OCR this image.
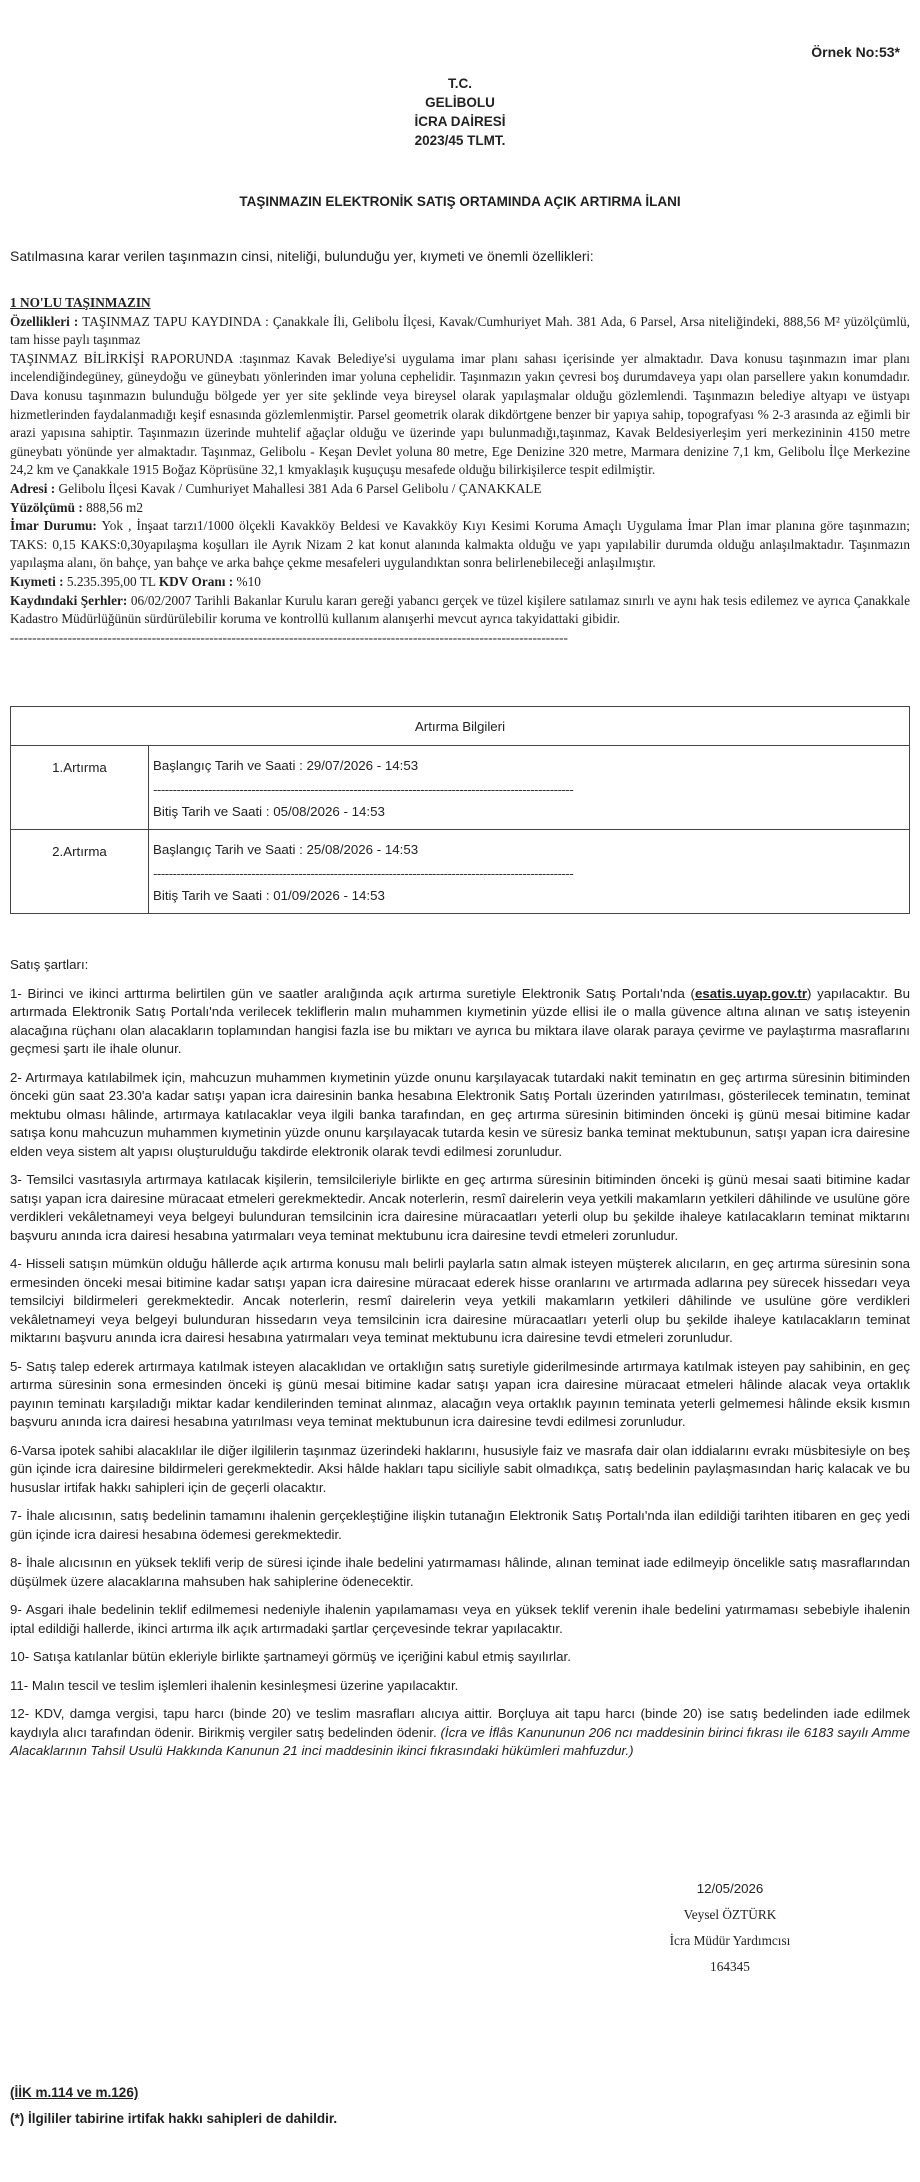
Örnek No:53*
T.C.
GELİBOLU
İCRA DAİRESİ
2023/45 TLMT.
TAŞINMAZIN ELEKTRONİK SATIŞ ORTAMINDA AÇIK ARTIRMA İLANI
Satılmasına karar verilen taşınmazın cinsi, niteliği, bulunduğu yer, kıymeti ve önemli özellikleri:

1 NO'LU TAŞINMAZIN

Özellikleri : TAŞINMAZ TAPU KAYDINDA : Çanakkale İli, Gelibolu İlçesi, Kavak/Cumhuriyet Mah. 381 Ada, 6 Parsel, Arsa niteliğindeki, 888,56 M² yüzölçümlü, tam hisse paylı taşınmaz

TAŞINMAZ BİLİRKİŞİ RAPORUNDA :taşınmaz Kavak Belediye'si uygulama imar planı sahası içerisinde yer almaktadır. Dava konusu taşınmazın imar planı incelendiğindegüney, güneydoğu ve güneybatı yönlerinden imar yoluna cephelidir. Taşınmazın yakın çevresi boş durumdaveya yapı olan parsellere yakın konumdadır. Dava konusu taşınmazın bulunduğu bölgede yer yer site şeklinde veya bireysel olarak yapılaşmalar olduğu gözlemlendi. Taşınmazın belediye altyapı ve üstyapı hizmetlerinden faydalanmadığı keşif esnasında gözlemlenmiştir. Parsel geometrik olarak dikdörtgene benzer bir yapıya sahip, topografyası % 2-3 arasında az eğimli bir arazi yapısına sahiptir. Taşınmazın üzerinde muhtelif ağaçlar olduğu ve üzerinde yapı bulunmadığı,taşınmaz, Kavak Beldesiyerleşim yeri merkezininin 4150 metre güneybatı yönünde yer almaktadır. Taşınmaz, Gelibolu - Keşan Devlet yoluna 80 metre, Ege Denizine 320 metre, Marmara denizine 7,1 km, Gelibolu İlçe Merkezine 24,2 km ve Çanakkale 1915 Boğaz Köprüsüne 32,1 kmyaklaşık kuşuçuşu mesafede olduğu bilirkişilerce tespit edilmiştir.

Adresi : Gelibolu İlçesi Kavak / Cumhuriyet Mahallesi 381 Ada 6 Parsel Gelibolu / ÇANAKKALE

Yüzölçümü : 888,56 m2

İmar Durumu: Yok , İnşaat tarzı1/1000 ölçekli Kavakköy Beldesi ve Kavakköy Kıyı Kesimi Koruma Amaçlı Uygulama İmar Plan imar planına göre taşınmazın; TAKS: 0,15 KAKS:0,30yapılaşma koşulları ile Ayrık Nizam 2 kat konut alanında kalmakta olduğu ve yapı yapılabilir durumda olduğu anlaşılmaktadır. Taşınmazın yapılaşma alanı, ön bahçe, yan bahçe ve arka bahçe çekme mesafeleri uygulandıktan sonra belirlenebileceği anlaşılmıştır.

Kıymeti : 5.235.395,00 TL KDV Oranı : %10

Kaydındaki Şerhler: 06/02/2007 Tarihli Bakanlar Kurulu kararı gereği yabancı gerçek ve tüzel kişilere satılamaz sınırlı ve aynı hak tesis edilemez ve ayrıca Çanakkale Kadastro Müdürlüğünün sürdürülebilir koruma ve kontrollü kullanım alanışerhi mevcut ayrıca takyidattaki gibidir.

------------------------------------------------------------------------------------------------------------------------------

Artırma Bilgileri	
1.Artırma	Başlangıç Tarih ve Saati : 29/07/2026 - 14:53
-----------------------------------------------------------------------------------------------------------
Bitiş Tarih ve Saati : 05/08/2026 - 14:53

2.Artırma	Başlangıç Tarih ve Saati : 25/08/2026 - 14:53
-----------------------------------------------------------------------------------------------------------
Bitiş Tarih ve Saati : 01/09/2026 - 14:53

Satış şartları:

1- Birinci ve ikinci arttırma belirtilen gün ve saatler aralığında açık artırma suretiyle Elektronik Satış Portalı'nda (esatis.uyap.gov.tr) yapılacaktır. Bu artırmada Elektronik Satış Portalı'nda verilecek tekliflerin malın muhammen kıymetinin yüzde ellisi ile o malla güvence altına alınan ve satış isteyenin alacağına rüçhanı olan alacakların toplamından hangisi fazla ise bu miktarı ve ayrıca bu miktara ilave olarak paraya çevirme ve paylaştırma masraflarını geçmesi şartı ile ihale olunur.

2- Artırmaya katılabilmek için, mahcuzun muhammen kıymetinin yüzde onunu karşılayacak tutardaki nakit teminatın en geç artırma süresinin bitiminden önceki gün saat 23.30'a kadar satışı yapan icra dairesinin banka hesabına Elektronik Satış Portalı üzerinden yatırılması, gösterilecek teminatın, teminat mektubu olması hâlinde, artırmaya katılacaklar veya ilgili banka tarafından, en geç artırma süresinin bitiminden önceki iş günü mesai bitimine kadar satışa konu mahcuzun muhammen kıymetinin yüzde onunu karşılayacak tutarda kesin ve süresiz banka teminat mektubunun, satışı yapan icra dairesine elden veya sistem alt yapısı oluşturulduğu takdirde elektronik olarak tevdi edilmesi zorunludur.

3- Temsilci vasıtasıyla artırmaya katılacak kişilerin, temsilcileriyle birlikte en geç artırma süresinin bitiminden önceki iş günü mesai saati bitimine kadar satışı yapan icra dairesine müracaat etmeleri gerekmektedir. Ancak noterlerin, resmî dairelerin veya yetkili makamların yetkileri dâhilinde ve usulüne göre verdikleri vekâletnameyi veya belgeyi bulunduran temsilcinin icra dairesine müracaatları yeterli olup bu şekilde ihaleye katılacakların teminat miktarını başvuru anında icra dairesi hesabına yatırmaları veya teminat mektubunu icra dairesine tevdi etmeleri zorunludur.

4- Hisseli satışın mümkün olduğu hâllerde açık artırma konusu malı belirli paylarla satın almak isteyen müşterek alıcıların, en geç artırma süresinin sona ermesinden önceki mesai bitimine kadar satışı yapan icra dairesine müracaat ederek hisse oranlarını ve artırmada adlarına pey sürecek hissedarı veya temsilciyi bildirmeleri gerekmektedir. Ancak noterlerin, resmî dairelerin veya yetkili makamların yetkileri dâhilinde ve usulüne göre verdikleri vekâletnameyi veya belgeyi bulunduran hissedarın veya temsilcinin icra dairesine müracaatları yeterli olup bu şekilde ihaleye katılacakların teminat miktarını başvuru anında icra dairesi hesabına yatırmaları veya teminat mektubunu icra dairesine tevdi etmeleri zorunludur.

5- Satış talep ederek artırmaya katılmak isteyen alacaklıdan ve ortaklığın satış suretiyle giderilmesinde artırmaya katılmak isteyen pay sahibinin, en geç artırma süresinin sona ermesinden önceki iş günü mesai bitimine kadar satışı yapan icra dairesine müracaat etmeleri hâlinde alacak veya ortaklık payının teminatı karşıladığı miktar kadar kendilerinden teminat alınmaz, alacağın veya ortaklık payının teminata yeterli gelmemesi hâlinde eksik kısmın başvuru anında icra dairesi hesabına yatırılması veya teminat mektubunun icra dairesine tevdi edilmesi zorunludur.

6-Varsa ipotek sahibi alacaklılar ile diğer ilgililerin taşınmaz üzerindeki haklarını, hususiyle faiz ve masrafa dair olan iddialarını evrakı müsbitesiyle on beş gün içinde icra dairesine bildirmeleri gerekmektedir. Aksi hâlde hakları tapu siciliyle sabit olmadıkça, satış bedelinin paylaşmasından hariç kalacak ve bu hususlar irtifak hakkı sahipleri için de geçerli olacaktır.

7- İhale alıcısının, satış bedelinin tamamını ihalenin gerçekleştiğine ilişkin tutanağın Elektronik Satış Portalı'nda ilan edildiği tarihten itibaren en geç yedi gün içinde icra dairesi hesabına ödemesi gerekmektedir.

8- İhale alıcısının en yüksek teklifi verip de süresi içinde ihale bedelini yatırmaması hâlinde, alınan teminat iade edilmeyip öncelikle satış masraflarından düşülmek üzere alacaklarına mahsuben hak sahiplerine ödenecektir.

9- Asgari ihale bedelinin teklif edilmemesi nedeniyle ihalenin yapılamaması veya en yüksek teklif verenin ihale bedelini yatırmaması sebebiyle ihalenin iptal edildiği hallerde, ikinci artırma ilk açık artırmadaki şartlar çerçevesinde tekrar yapılacaktır.

10- Satışa katılanlar bütün ekleriyle birlikte şartnameyi görmüş ve içeriğini kabul etmiş sayılırlar.

11- Malın tescil ve teslim işlemleri ihalenin kesinleşmesi üzerine yapılacaktır.

12- KDV, damga vergisi, tapu harcı (binde 20) ve teslim masrafları alıcıya aittir. Borçluya ait tapu harcı (binde 20) ise satış bedelinden iade edilmek kaydıyla alıcı tarafından ödenir. Birikmiş vergiler satış bedelinden ödenir. (İcra ve İflâs Kanununun 206 ncı maddesinin birinci fıkrası ile 6183 sayılı Amme Alacaklarının Tahsil Usulü Hakkında Kanunun 21 inci maddesinin ikinci fıkrasındaki hükümleri mahfuzdur.)

12/05/2026
Veysel ÖZTÜRK
İcra Müdür Yardımcısı
164345
(İİK m.114 ve m.126)
(*) İlgililer tabirine irtifak hakkı sahipleri de dahildir.
